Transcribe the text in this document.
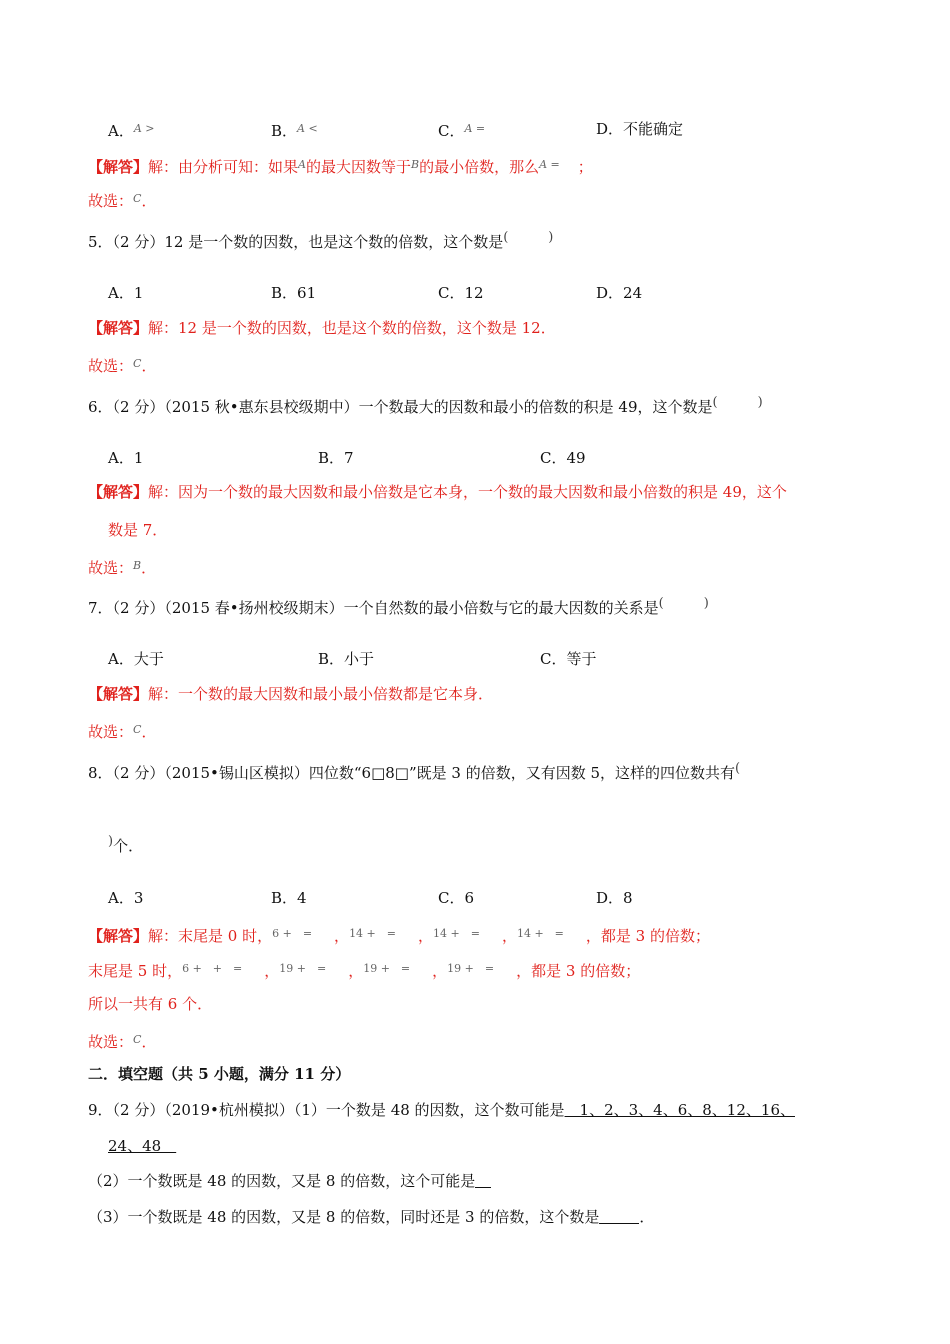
A．$^{A >}$	B．$^{A <}$	C．$^{A =}$	D．不能确定
【解答】解：由分析可知：如果$^A$的最大因数等于$^B$的最小倍数，那么$^{A =}$ ；
故选：$^C$．
5．（2 分）12 是一个数的因数，也是这个数的倍数，这个数是(	)
A．1	B．61	C．12	D．24
【解答】解：12 是一个数的因数，也是这个数的倍数，这个数是 12．
故选：$^C$．
6．（2 分）（2015 秋•惠东县校级期中）一个数最大的因数和最小的倍数的积是 49，这个数是(	)
A．1	B．7	C．49
【解答】解：因为一个数的最大因数和最小倍数是它本身，一个数的最大因数和最小倍数的积是 49，这个
数是 7．
故选：$^B$．
7．（2 分）（2015 春•扬州校级期末）一个自然数的最小倍数与它的最大因数的关系是(	)
A．大于	B．小于	C．等于
【解答】解：一个数的最大因数和最小最小倍数都是它本身．
故选：$^C$．
8．（2 分）（2015•锡山区模拟）四位数“6□8□”既是 3 的倍数，又有因数 5，这样的四位数共有(
)个．
A．3	B．4	C．6	D．8
【解答】解：末尾是 0 时，$^{6 + =}$ ，$^{14 + =}$ ，$^{14 + =}$ ，$^{14 + =}$ ，都是 3 的倍数；
末尾是 5 时，$^{6 + + =}$ ，$^{19 + =}$ ，$^{19 + =}$ ，$^{19 + =}$ ，都是 3 的倍数；
所以一共有 6 个．
故选：$^C$．
二．填空题（共 5 小题，满分 11 分）
9．（2 分）（2019•杭州模拟）（1）一个数是 48 的因数，这个数可能是　1、2、3、4、6、8、12、16、
24、48　
（2）一个数既是 48 的因数，又是 8 的倍数，这个可能是
（3）一个数既是 48 的因数，又是 8 的倍数，同时还是 3 的倍数，这个数是	．
